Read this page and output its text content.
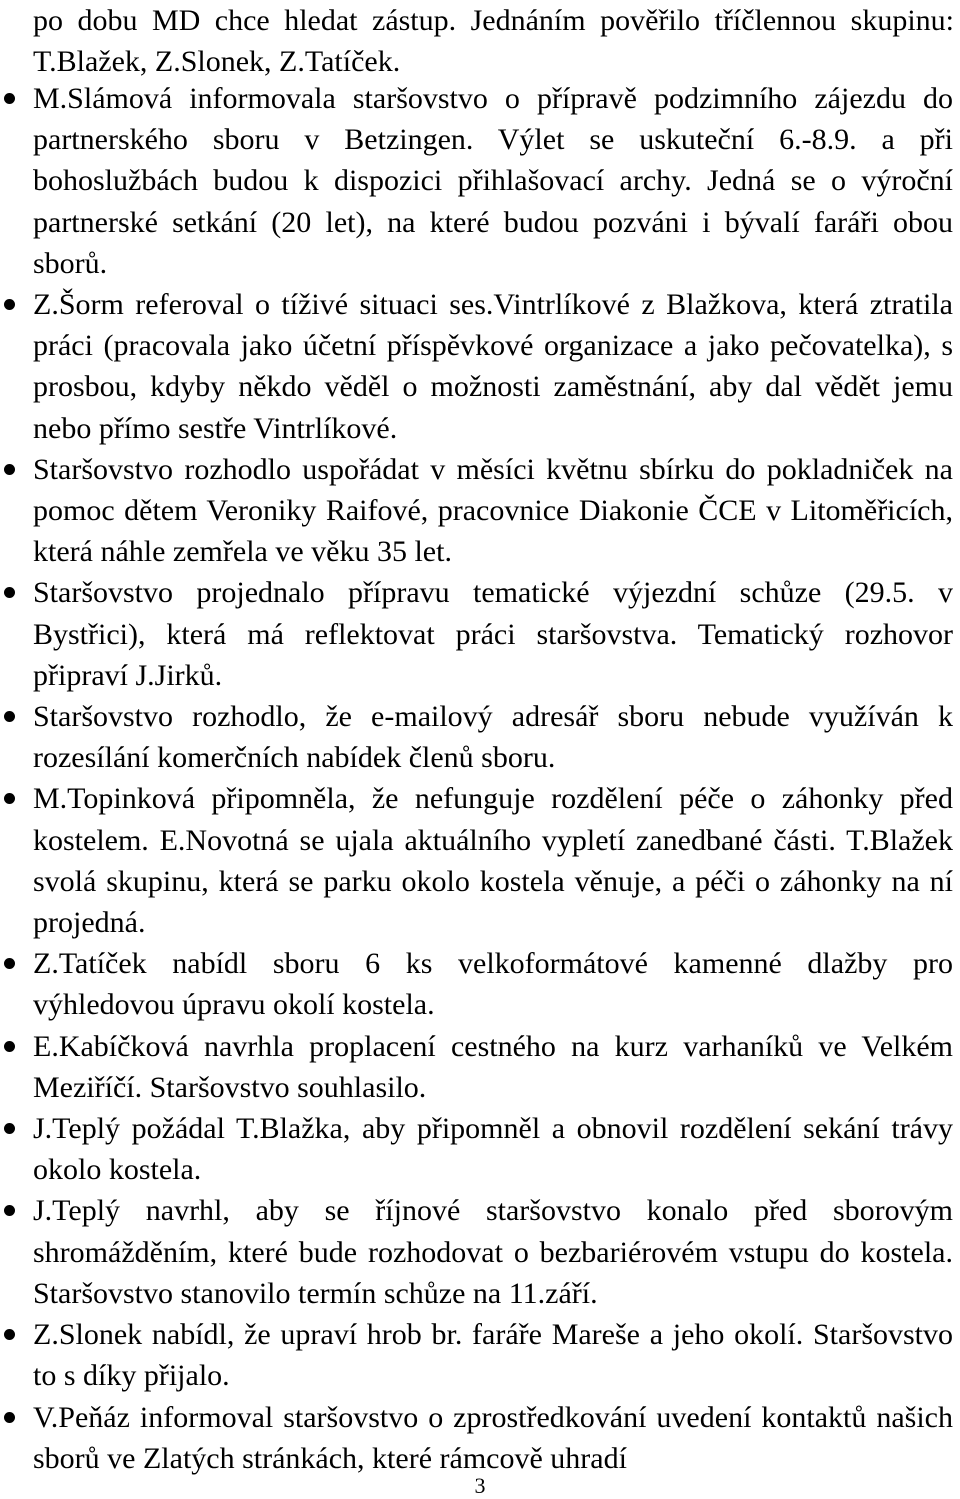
po dobu MD chce hledat zástup. Jednáním pověřilo tříčlennou skupinu: T.Blažek, Z.Slonek, Z.Tatíček.

M.Slámová informovala staršovstvo o přípravě podzimního zájezdu do partnerského sboru v Betzingen. Výlet se uskuteční 6.-8.9. a při bohoslužbách budou k dispozici přihlašovací archy. Jedná se o výroční partnerské setkání (20 let), na které budou pozváni i bývalí faráři obou sborů.
Z.Šorm referoval o tíživé situaci ses.Vintrlíkové z Blažkova, která ztratila práci (pracovala jako účetní příspěvkové organizace a jako pečovatelka), s prosbou, kdyby někdo věděl o možnosti zaměstnání, aby dal vědět jemu nebo přímo sestře Vintrlíkové.
Staršovstvo rozhodlo uspořádat v měsíci květnu sbírku do pokladniček na pomoc dětem Veroniky Raifové, pracovnice Diakonie ČCE v Litoměřicích, která náhle zemřela ve věku 35 let.
Staršovstvo projednalo přípravu tematické výjezdní schůze (29.5. v Bystřici), která má reflektovat práci staršovstva. Tematický rozhovor připraví J.Jirků.
Staršovstvo rozhodlo, že e-mailový adresář sboru nebude využíván k rozesílání komerčních nabídek členů sboru.
M.Topinková připomněla, že nefunguje rozdělení péče o záhonky před kostelem. E.Novotná se ujala aktuálního vypletí zanedbané části. T.Blažek svolá skupinu, která se parku okolo kostela věnuje, a péči o záhonky na ní projedná.
Z.Tatíček nabídl sboru 6 ks velkoformátové kamenné dlažby pro výhledovou úpravu okolí kostela.
E.Kabíčková navrhla proplacení cestného na kurz varhaníků ve Velkém Meziříčí. Staršovstvo souhlasilo.
J.Teplý požádal T.Blažka, aby připomněl a obnovil rozdělení sekání trávy okolo kostela.
J.Teplý navrhl, aby se říjnové staršovstvo konalo před sborovým shromážděním, které bude rozhodovat o bezbariérovém vstupu do kostela. Staršovstvo stanovilo termín schůze na 11.září.
Z.Slonek nabídl, že upraví hrob br. faráře Mareše a jeho okolí. Staršovstvo to s díky přijalo.
V.Peňáz informoval staršovstvo o zprostředkování uvedení kontaktů našich sborů ve Zlatých stránkách, které rámcově uhradí
3
